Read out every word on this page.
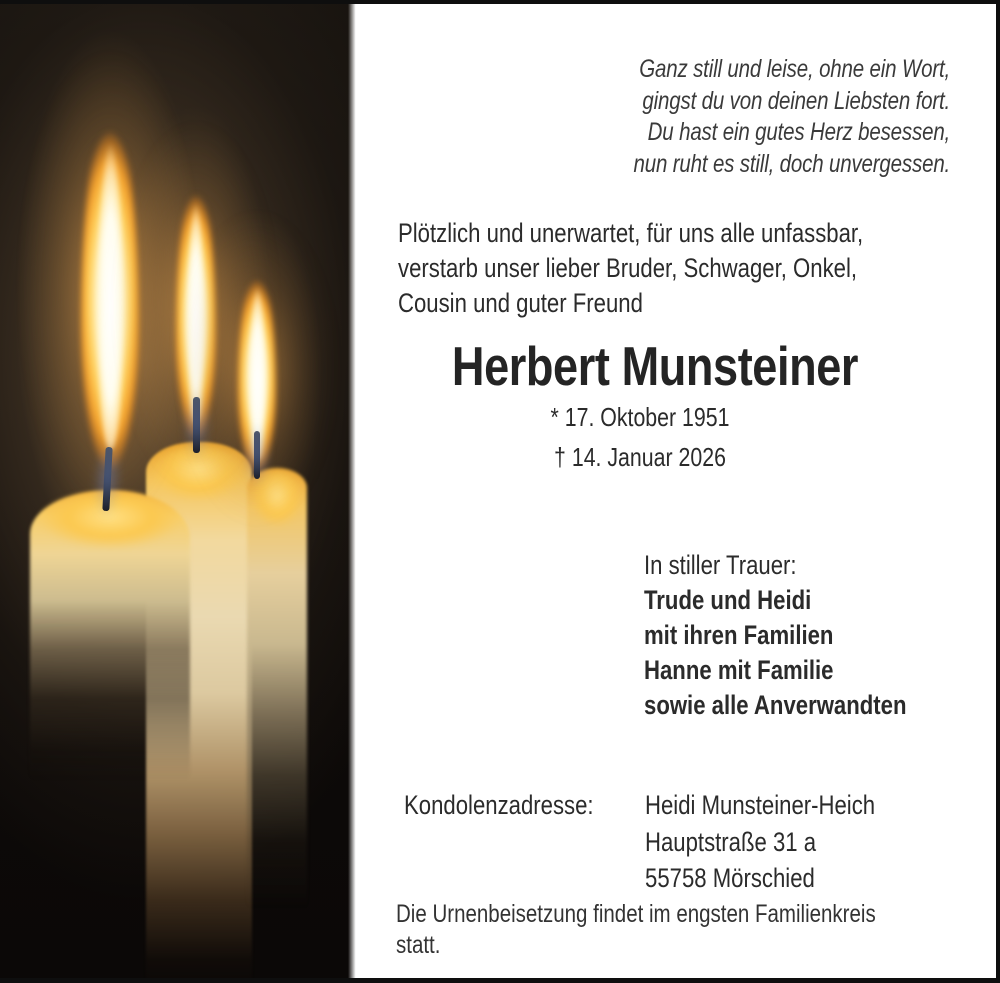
Ganz still und leise, ohne ein Wort,
gingst du von deinen Liebsten fort.
Du hast ein gutes Herz besessen,
nun ruht es still, doch unvergessen.
Plötzlich und unerwartet, für uns alle unfassbar,
verstarb unser lieber Bruder, Schwager, Onkel,
Cousin und guter Freund
Herbert Munsteiner
* 17. Oktober 1951
† 14. Januar 2026
In stiller Trauer:
Trude und Heidi
mit ihren Familien
Hanne mit Familie
sowie alle Anverwandten
Kondolenzadresse: Heidi Munsteiner-Heich
Hauptstraße 31 a
55758 Mörschied
Die Urnenbeisetzung findet im engsten Familienkreis statt.
